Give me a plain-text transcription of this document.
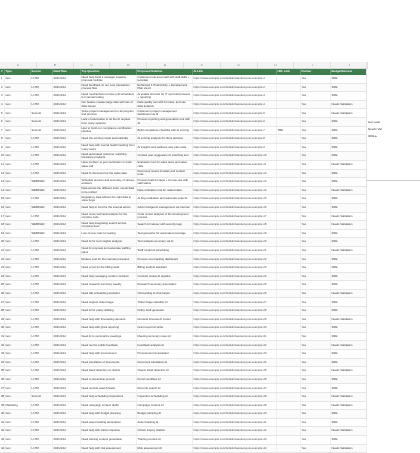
A	B	C	D	E	F	G	H	I	J
#	Type	Source	Date/Time	Top Question	Proposed Solution	AI Link	URL Link	Partner	Budget/Interest
1	Gov	LI PM	2021/4/12	Need help build a manager capacity proposal multiple	Implement role level staff with staff skills + template	https://www.example.com/bulletin/wanted-post-example-1		Yes	300k
2	Gov	LI PM	2021/4/12	Need feedback on our core transaction process flow	Enhanced 1 Productivity + Development Plan via AI	https://www.example.com/bulletin/wanted-post-example-2		Yes	300k
3	Gov	LI PM	2021/4/12	Need mechanisms to have pull schedulers for internal tooling	AI enable list tools for IT ops build process + reporting	https://www.example.com/bulletin/wanted-post-example-3		Yes	300k
4	Gov	LI PM	2021/4/12	Our feature creates large data with lots of data issues	Data quality tool with AI notes, and use data analysis	https://www.example.com/bulletin/wanted-post-example-4		Yes	Needs Validation
5	Gov	Summit	2021/4/12	Solve project management for all program and process	Implement project management dashboard via AI	https://www.example.com/bulletin/wanted-post-example-5		Yes	Needs Validation
6	Gov	Summit	2021/4/12	Lack of automation to do the AI request from many systems	Process reporting and generation tool with AI	https://www.example.com/bulletin/wanted-post-example-6		Yes	300k
7	Gov	Summit	2021/4/12	How to build our compliance certification pipeline	Build compliance checklist with AI scoring	https://www.example.com/bulletin/wanted-post-example-7	TBD	Yes	300k
8	Gov	LI PM	2021/4/12	Need the scoring model automatically	AI scoring analysis for client decision	https://www.example.com/bulletin/wanted-post-example-8		Yes	300k
9	Gov	LI PM	2021/4/12	Need help with mental health tracking from many users	AI insights and wellness user plan suite	https://www.example.com/bulletin/wanted-post-example-9		Yes	300k
10	Gov	LI PM	2021/4/12	Need automated customer matching insurance products	Contact user suggestion AI matching tool	https://www.example.com/bulletin/wanted-post-example-10		Yes	300k
11	Gov	LI PM	2021/4/12	Have problem to get mechanism to track sales call	Evaluation tool for sales team and sales calls	https://www.example.com/bulletin/wanted-post-example-11		Yes	Needs Validation
12	Gov	LI PM	2021/4/12	Need AI document for the sales data	Document review AI sales and contact tools	https://www.example.com/bulletin/wanted-post-example-12		Yes	300k
13	Gov	WEBINAR	2021/4/12	Schedule process and summary of various answers	Process build AI steps + AI note-use with staff status	https://www.example.com/bulletin/wanted-post-example-13		Yes	300k
14	Gov	WEBINAR	2021/4/12	Data across the different tools, needs data to be unified	Data unification tool for related data	https://www.example.com/bulletin/wanted-post-example-14		Yes	Needs Validation
15	Gov	LI PM	2021/4/12	Regulatory data without the right data to solve bugs	AI bug evaluation and automate code fix	https://www.example.com/bulletin/wanted-post-example-15		Yes	300k
16	Gov	WEBINAR	2021/4/12	Need help in fund for the internal admin	Admin budget AI management via internal	https://www.example.com/bulletin/wanted-post-example-16		Yes	300k
17	Gov	LI PM	2021/4/12	Need some technical analysis for the complex code	Code review analysis of the development process	https://www.example.com/bulletin/wanted-post-example-17		Yes	Needs Validation
18	Gov	WEBINAR	2021/4/12	Need help integrating search across company docs	Search AI indexer with security tags	https://www.example.com/bulletin/wanted-post-example-18		Yes	Needs Validation
19	Gov	WEBINAR	2021/4/12	Lots of new code for testing	Test generator for automated coverage	https://www.example.com/bulletin/wanted-post-example-19		Yes	300k
20	Gov	LI PM	2021/4/12	Need AI for text insights analysis	Text analysis summary via AI	https://www.example.com/bulletin/wanted-post-example-20		Yes	300k
21	Gov	LI PM	2021/4/12	Need AI proposal and automate staffing plans	Staff model AI scheduling	https://www.example.com/bulletin/wanted-post-example-21		Yes	Needs Validation
22	Gov	LI PM	2021/4/12	Reduce cost for the internal processes	Process cost tracking dashboard	https://www.example.com/bulletin/wanted-post-example-22		Yes	300k
23	Gov	LI PM	2021/4/12	Need a tool for the billing audit	Billing audit AI assistant	https://www.example.com/bulletin/wanted-post-example-23		Yes	300k
24	Gov	LI PM	2021/4/12	Need help managing vendor contracts	Contract review AI pipeline	https://www.example.com/bulletin/wanted-post-example-24		Yes	300k
25	Gov	LI PM	2021/4/12	Need research summary weekly	Research summary automation	https://www.example.com/bulletin/wanted-post-example-25		Yes	300k
26	Gov	LI PM	2021/4/12	Need HR onboarding assistant	Onboarding AI chat helper	https://www.example.com/bulletin/wanted-post-example-26		Yes	Needs Validation
27	Gov	LI PM	2021/4/12	Need support ticket triage	Ticket triage classifier AI	https://www.example.com/bulletin/wanted-post-example-27		Yes	300k
28	Gov	LI PM	2021/4/12	Need AI for policy drafting	Policy draft generator	https://www.example.com/bulletin/wanted-post-example-28		Yes	300k
29	Gov	LI PM	2021/4/12	Need help with forecasting demand	Demand forecast AI model	https://www.example.com/bulletin/wanted-post-example-29		Yes	Needs Validation
30	Gov	LI PM	2021/4/12	Need help with grant reporting	Grant report AI writer	https://www.example.com/bulletin/wanted-post-example-30		Yes	300k
31	Gov	LI PM	2021/4/12	Need AI to summarize meetings	Meeting summary notes AI	https://www.example.com/bulletin/wanted-post-example-31		Yes	300k
32	Gov	LI PM	2021/4/12	Need tool for public feedback	Feedback analysis AI	https://www.example.com/bulletin/wanted-post-example-32		Yes	Needs Validation
33	Gov	LI PM	2021/4/12	Need help with procurement	Procurement AI assistant	https://www.example.com/bulletin/wanted-post-example-33		Yes	300k
34	Gov	LI PM	2021/4/12	Need translation of documents	Document translation AI	https://www.example.com/bulletin/wanted-post-example-34		Yes	300k
35	Gov	LI PM	2021/4/12	Need fraud detection on claims	Claims fraud detection AI	https://www.example.com/bulletin/wanted-post-example-35		Yes	Needs Validation
36	Gov	LI PM	2021/4/12	Need to streamline permits	Permit workflow AI	https://www.example.com/bulletin/wanted-post-example-36		Yes	300k
37	Gov	LI PM	2021/4/12	Need records search faster	Records search AI	https://www.example.com/bulletin/wanted-post-example-37		Yes	300k
38	Gov	Summit	2021/4/12	Need help scheduling inspections	Inspection scheduling AI	https://www.example.com/bulletin/wanted-post-example-38		Yes	Needs Validation
39	Marketing	LI PM	2021/4/12	Need campaign content drafts	Campaign content AI	https://www.example.com/bulletin/wanted-post-example-39		Yes	Needs Validation
40	Gov	LI PM	2021/4/12	Need help with budget planning	Budget planning AI	https://www.example.com/bulletin/wanted-post-example-40		Yes	300k
41	Gov	LI PM	2021/4/12	Need asset tracking automation	Asset tracking AI	https://www.example.com/bulletin/wanted-post-example-41		Yes	300k
42	Gov	LI PM	2021/4/12	Need help with citizen inquiries	Citizen inquiry chatbot	https://www.example.com/bulletin/wanted-post-example-42		Yes	Needs Validation
43	Gov	LI PM	2021/4/12	Need training content generation	Training content AI	https://www.example.com/bulletin/wanted-post-example-43		Yes	300k
44	Gov	LI PM	2021/4/12	Need help with risk assessment	Risk assessment AI	https://www.example.com/bulletin/wanted-post-example-44		Yes	Needs Validation
Gov eval
Needs Val
300k ▸
